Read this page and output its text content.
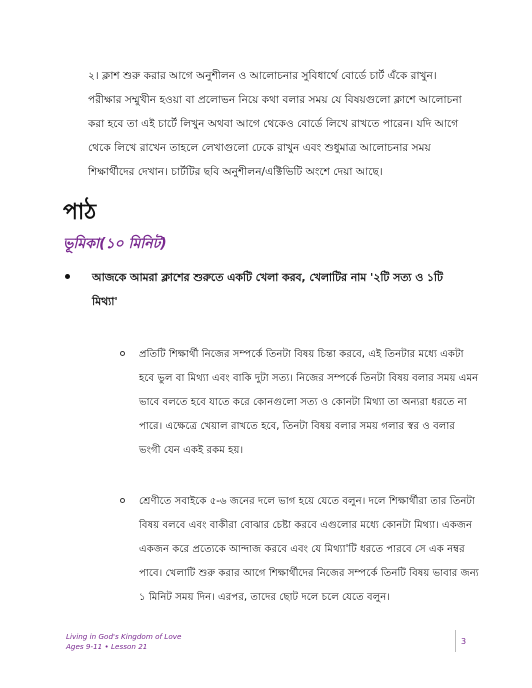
২। ক্লাশ শুরু করার আগে অনুশীলন ও আলোচনার সুবিধার্থে বোর্ডে চার্ট এঁকে রাখুন। পরীক্ষার সম্মুখীন হওয়া বা প্রলোভন নিয়ে কথা বলার সময় যে বিষয়গুলো ক্লাশে আলোচনা করা হবে তা এই চার্টে লিখুন অথবা আগে থেকেও বোর্ডে লিখে রাখতে পারেন। যদি আগে থেকে লিখে রাখেন তাহলে লেখাগুলো ঢেকে রাখুন এবং শুধুমাত্র আলোচনার সময় শিক্ষার্থীদের দেখান। চার্টটির ছবি অনুশীলন/এক্টিভিটি অংশে দেয়া আছে।

পাঠ
ভূমিকা(১০ মিনিট)

আজকে আমরা ক্লাশের শুরুতে একটি খেলা করব, খেলাটির নাম '২টি সত্য ও ১টি মিথ্যা'

প্রতিটি শিক্ষার্থী নিজের সম্পর্কে তিনটা বিষয় চিন্তা করবে, এই তিনটার মধ্যে একটা হবে ভুল বা মিথ্যা এবং বাকি দুটা সত্য। নিজের সম্পর্কে তিনটা বিষয় বলার সময় এমন ভাবে বলতে হবে যাতে করে কোনগুলো সত্য ও কোনটা মিথ্যা তা অন্যরা ধরতে না পারে। এক্ষেত্রে খেয়াল রাখতে হবে, তিনটা বিষয় বলার সময় গলার স্বর ও বলার ভংগী যেন একই রকম হয়।

শ্রেণীতে সবাইকে ৫-৬ জনের দলে ভাগ হয়ে যেতে বলুন। দলে শিক্ষার্থীরা তার তিনটা বিষয় বলবে এবং বাকীরা বোঝার চেষ্টা করবে এগুলোর মধ্যে কোনটা মিথ্যা। একজন একজন করে প্রত্যেকে আন্দাজ করবে এবং যে মিথ্যা'টি ধরতে পারবে সে এক নম্বর পাবে। খেলাটি শুরু করার আগে শিক্ষার্থীদের নিজের সম্পর্কে তিনটি বিষয় ভাবার জন্য ১ মিনিট সময় দিন। এরপর, তাদের ছোট দলে চলে যেতে বলুন।

Living in God's Kingdom of Love
Ages 9-11 • Lesson 21
3
